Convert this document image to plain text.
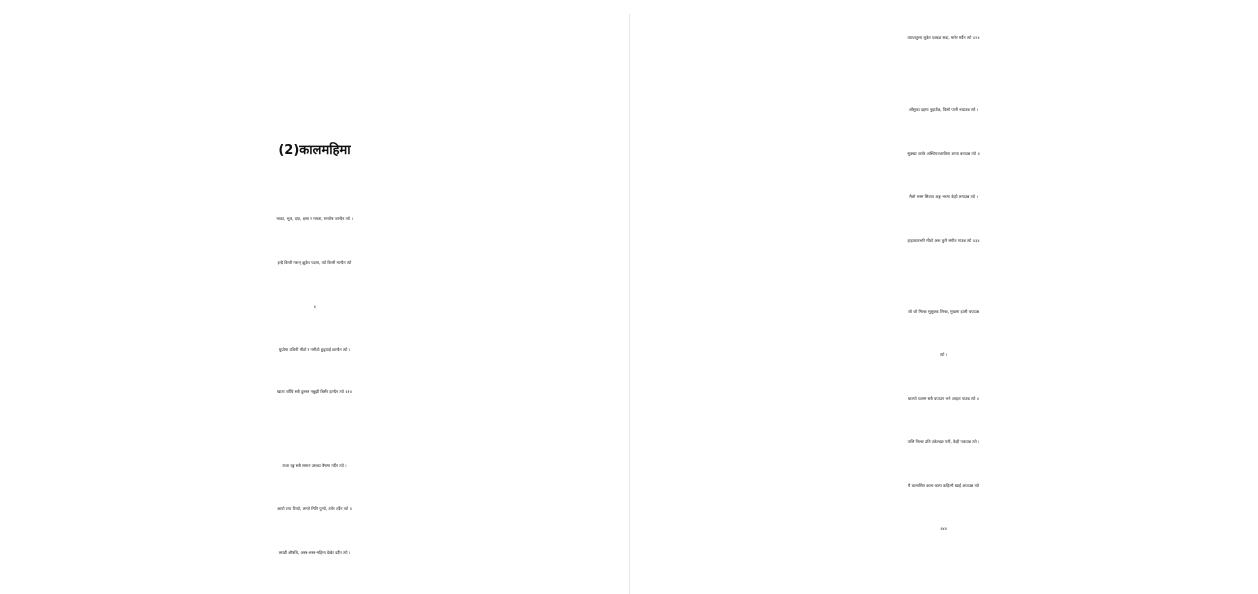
(2)कालमहिमा
भाका, भूल, दया, क्षमा र ममता, सन्तोष जान्दैन त्यो ।
इन्द्रै बिन्ती गरून् झुकेर पदमा, त्यो बिन्ती मान्दैन त्यो
॥
थुप्रोमा उधिनी मीठो र नमीठो छुट्टयाई छान्दैन त्यो ।
खाता जाँचि सबै दुरुस्त नबुझी बिर्सेर हान्दैन त्यो ॥१॥
राजा रङ्क सबै समान उसका वैषम्य गर्दैन त्यो ।
आयो टप्प टिप्यो, लग्यो मिति पुग्यो, टारेर टर्दैन त्यो ॥
लाखौं औषधि, अस्त्र-शस्त्र-महिमा देखेर डर्दैन त्यो ।
व्याधातुल्य लुकेर चल्दछ सदा, मारेर मर्दैन त्यो ॥२॥
आँसुका दहमा नुहाउँछ, चिसो पानी रुचाउन्न त्यो ।
सुक्खा जर्जर अस्थिपञ्जरविना शय्या बनाउन्न त्यो ॥
मैलो भस्म सिवाय अङ्ग भरमा केही लगाउन्न त्यो ।
हाहाकारभरि मीठो अरू कुनै संगीत गाउन्न त्यो ॥३॥
जो जो मिल्छ सुलुक्क लिन्छ, मुखमा हाली चपाउन्न
त्यो ।
थाल्यो च्वाम्म सबै चपाउन भने आहार पाउन्न त्यो ॥
जत्ति निल्छ उति उकेल्दछ पनी, केही पचाउन्न त्यो ।
यै चालासित कल्प-कल्प कहिल्यै खाई अघाउन्न त्यो
॥४॥
